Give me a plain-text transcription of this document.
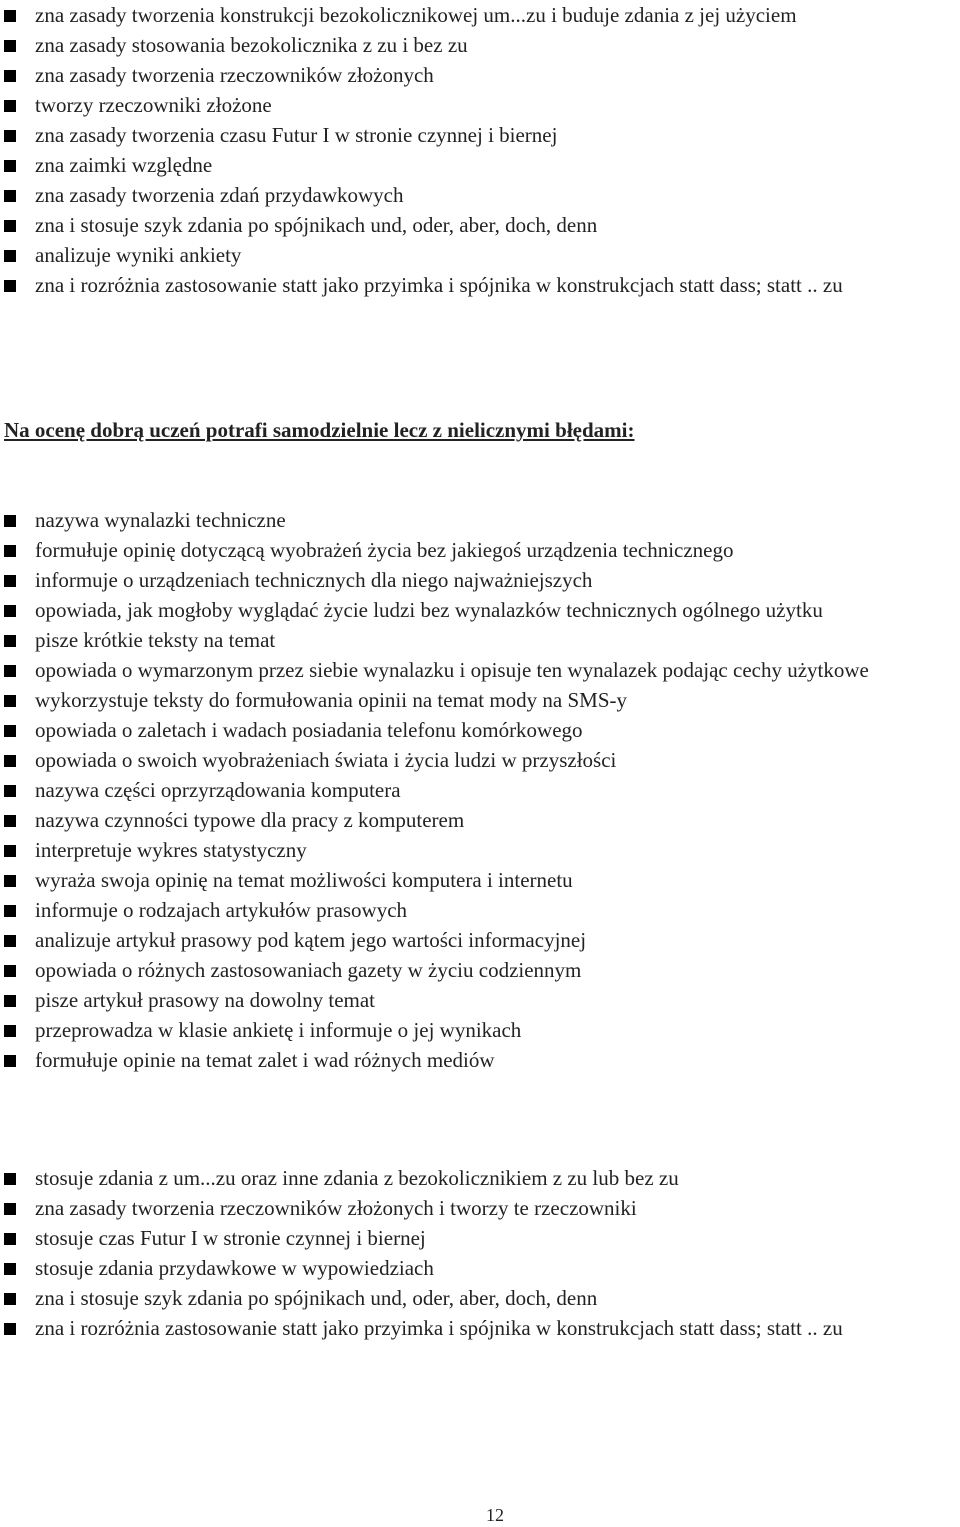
zna zasady tworzenia konstrukcji bezokolicznikowej um...zu i buduje zdania z jej użyciem
zna zasady stosowania bezokolicznika z zu i bez zu
zna zasady tworzenia rzeczowników złożonych
tworzy rzeczowniki złożone
zna zasady tworzenia czasu Futur I w stronie czynnej i biernej
zna zaimki względne
zna zasady tworzenia zdań przydawkowych
zna i stosuje szyk zdania po spójnikach und, oder, aber, doch, denn
analizuje wyniki ankiety
zna i rozróżnia zastosowanie statt jako przyimka i spójnika w konstrukcjach statt dass; statt .. zu
Na ocenę dobrą uczeń potrafi samodzielnie lecz z nielicznymi błędami:
nazywa wynalazki techniczne
formułuje opinię dotyczącą wyobrażeń życia bez jakiegoś urządzenia technicznego
informuje o urządzeniach technicznych dla niego najważniejszych
opowiada, jak mogłoby wyglądać życie ludzi bez wynalazków technicznych ogólnego użytku
pisze krótkie teksty na temat
opowiada o wymarzonym przez siebie wynalazku i opisuje ten wynalazek podając cechy użytkowe
wykorzystuje teksty do formułowania opinii na temat mody na SMS-y
opowiada o zaletach i wadach posiadania telefonu komórkowego
opowiada o swoich wyobrażeniach świata i życia ludzi w przyszłości
nazywa części oprzyrządowania komputera
nazywa czynności typowe dla pracy z komputerem
interpretuje wykres statystyczny
wyraża swoja opinię na temat możliwości komputera i internetu
informuje o rodzajach artykułów prasowych
analizuje artykuł prasowy pod kątem jego wartości informacyjnej
opowiada o różnych zastosowaniach gazety w życiu codziennym
pisze artykuł prasowy na dowolny temat
przeprowadza w klasie ankietę i informuje o jej wynikach
formułuje opinie na temat zalet i wad różnych mediów
stosuje zdania z um...zu oraz inne zdania z bezokolicznikiem z zu lub bez zu
zna zasady tworzenia rzeczowników złożonych i tworzy te rzeczowniki
stosuje czas Futur I w stronie czynnej i biernej
stosuje zdania przydawkowe w wypowiedziach
zna i stosuje szyk zdania po spójnikach und, oder, aber, doch, denn
zna i rozróżnia zastosowanie statt jako przyimka i spójnika w konstrukcjach statt dass; statt .. zu
12
